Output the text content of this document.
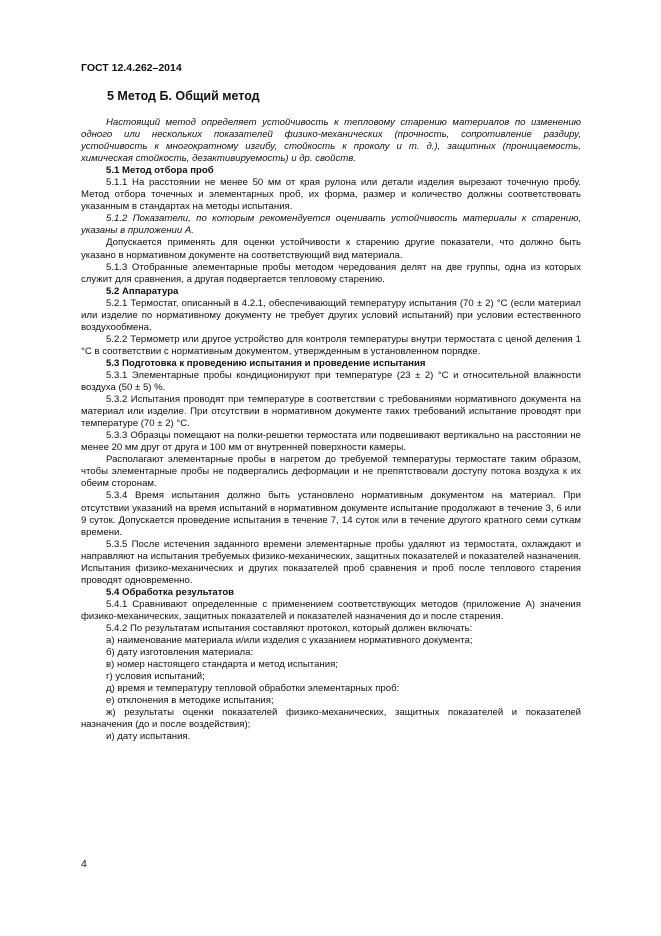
ГОСТ 12.4.262–2014
5 Метод Б. Общий метод

Настоящий метод определяет устойчивость к тепловому старению материалов по изменению одного или нескольких показателей физико-механических (прочность, сопротивление раздиру, устойчивость к многократному изгибу, стойкость к проколу и т. д.), защитных (проницаемость, химическая стойкость, дезактивируемость) и др. свойств.

5.1 Метод отбора проб

5.1.1 На расстоянии не менее 50 мм от края рулона или детали изделия вырезают точечную пробу. Метод отбора точечных и элементарных проб, их форма, размер и количество должны соответствовать указанным в стандартах на методы испытания.

5.1.2 Показатели, по которым рекомендуется оценивать устойчивость материалы к старению, указаны в приложении А.

Допускается применять для оценки устойчивости к старению другие показатели, что должно быть указано в нормативном документе на соответствующий вид материала.

5.1.3 Отобранные элементарные пробы методом чередования делят на две группы, одна из которых служит для сравнения, а другая подвергается тепловому старению.

5.2 Аппаратура

5.2.1 Термостат, описанный в 4.2.1, обеспечивающий температуру испытания (70 ± 2) °С (если материал или изделие по нормативному документу не требует других условий испытаний) при условии естественного воздухообмена.

5.2.2 Термометр или другое устройство для контроля температуры внутри термостата с ценой деления 1 °С в соответствии с нормативным документом, утвержденным в установленном порядке.

5.3 Подготовка к проведению испытания и проведение испытания

5.3.1 Элементарные пробы кондиционируют при температуре (23 ± 2) °С и относительной влажности воздуха (50 ± 5) %.

5.3.2 Испытания проводят при температуре в соответствии с требованиями нормативного документа на материал или изделие. При отсутствии в нормативном документе таких требований испытание проводят при температуре (70 ± 2) °С.

5.3.3 Образцы помещают на полки-решетки термостата или подвешивают вертикально на расстоянии не менее 20 мм друг от друга и 100 мм от внутренней поверхности камеры.

Располагают элементарные пробы в нагретом до требуемой температуры термостате таким образом, чтобы элементарные пробы не подвергались деформации и не препятствовали доступу потока воздуха к их обеим сторонам.

5.3.4 Время испытания должно быть установлено нормативным документом на материал. При отсутствии указаний на время испытаний в нормативном документе испытание продолжают в течение 3, 6 или 9 суток. Допускается проведение испытания в течение 7, 14 суток или в течение другого кратного семи суткам времени.

5.3.5 После истечения заданного времени элементарные пробы удаляют из термостата, охлаждают и направляют на испытания требуемых физико-механических, защитных показателей и показателей назначения. Испытания физико-механических и других показателей проб сравнения и проб после теплового старения проводят одновременно.

5.4 Обработка результатов

5.4.1 Сравнивают определенные с применением соответствующих методов (приложение А) значения физико-механических, защитных показателей и показателей назначения до и после старения.

5.4.2 По результатам испытания составляют протокол, который должен включать:

а) наименование материала и/или изделия с указанием нормативного документа;

б) дату изготовления материала:

в) номер настоящего стандарта и метод испытания;

г) условия испытаний;

д) время и температуру тепловой обработки элементарных проб:

е) отклонения в методике испытания;

ж) результаты оценки показателей физико-механических, защитных показателей и показателей назначения (до и после воздействия);

и) дату испытания.

4
